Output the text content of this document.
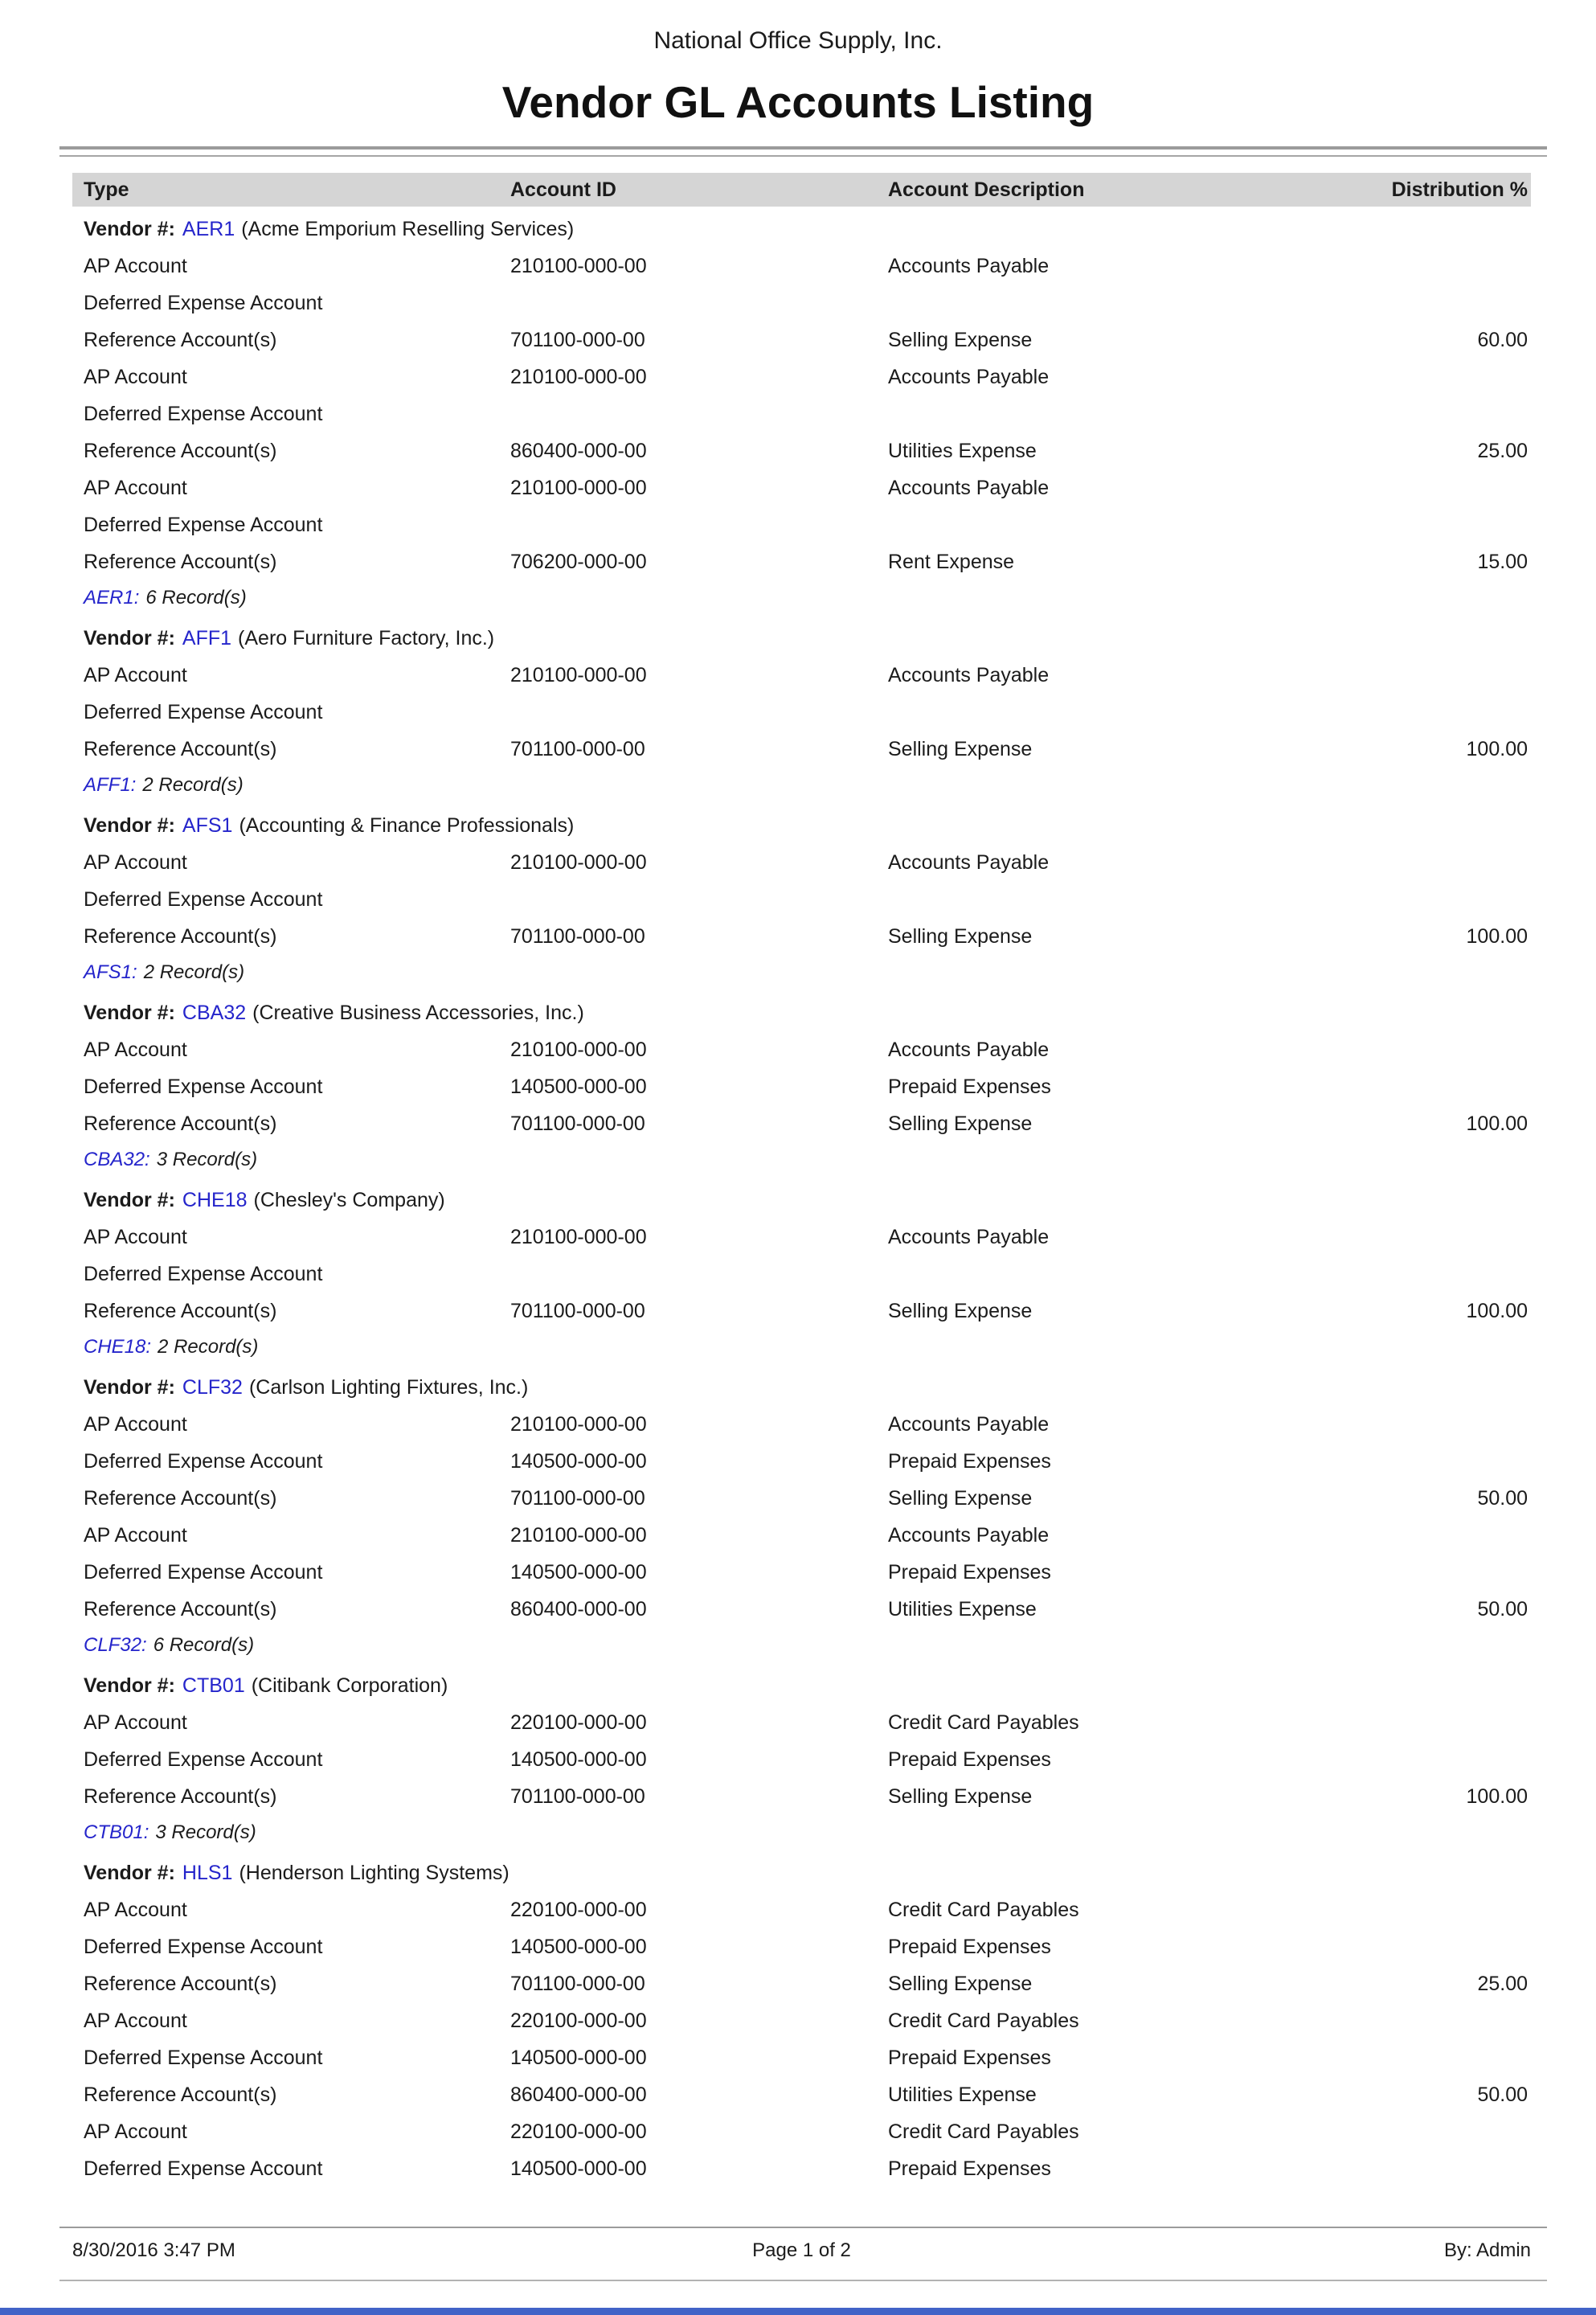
National Office Supply, Inc.
Vendor GL Accounts Listing
Type	Account ID	Account Description	Distribution %
Vendor #: AER1 (Acme Emporium Reselling Services)
AP Account	210100-000-00	Accounts Payable
Deferred Expense Account
Reference Account(s)	701100-000-00	Selling Expense	60.00
AP Account	210100-000-00	Accounts Payable
Deferred Expense Account
Reference Account(s)	860400-000-00	Utilities Expense	25.00
AP Account	210100-000-00	Accounts Payable
Deferred Expense Account
Reference Account(s)	706200-000-00	Rent Expense	15.00
AER1: 6 Record(s)
Vendor #: AFF1 (Aero Furniture Factory, Inc.)
AP Account	210100-000-00	Accounts Payable
Deferred Expense Account
Reference Account(s)	701100-000-00	Selling Expense	100.00
AFF1: 2 Record(s)
Vendor #: AFS1 (Accounting & Finance Professionals)
AP Account	210100-000-00	Accounts Payable
Deferred Expense Account
Reference Account(s)	701100-000-00	Selling Expense	100.00
AFS1: 2 Record(s)
Vendor #: CBA32 (Creative Business Accessories, Inc.)
AP Account	210100-000-00	Accounts Payable
Deferred Expense Account	140500-000-00	Prepaid Expenses
Reference Account(s)	701100-000-00	Selling Expense	100.00
CBA32: 3 Record(s)
Vendor #: CHE18 (Chesley's Company)
AP Account	210100-000-00	Accounts Payable
Deferred Expense Account
Reference Account(s)	701100-000-00	Selling Expense	100.00
CHE18: 2 Record(s)
Vendor #: CLF32 (Carlson Lighting Fixtures, Inc.)
AP Account	210100-000-00	Accounts Payable
Deferred Expense Account	140500-000-00	Prepaid Expenses
Reference Account(s)	701100-000-00	Selling Expense	50.00
AP Account	210100-000-00	Accounts Payable
Deferred Expense Account	140500-000-00	Prepaid Expenses
Reference Account(s)	860400-000-00	Utilities Expense	50.00
CLF32: 6 Record(s)
Vendor #: CTB01 (Citibank Corporation)
AP Account	220100-000-00	Credit Card Payables
Deferred Expense Account	140500-000-00	Prepaid Expenses
Reference Account(s)	701100-000-00	Selling Expense	100.00
CTB01: 3 Record(s)
Vendor #: HLS1 (Henderson Lighting Systems)
AP Account	220100-000-00	Credit Card Payables
Deferred Expense Account	140500-000-00	Prepaid Expenses
Reference Account(s)	701100-000-00	Selling Expense	25.00
AP Account	220100-000-00	Credit Card Payables
Deferred Expense Account	140500-000-00	Prepaid Expenses
Reference Account(s)	860400-000-00	Utilities Expense	50.00
AP Account	220100-000-00	Credit Card Payables
Deferred Expense Account	140500-000-00	Prepaid Expenses
8/30/2016 3:47 PM	Page 1 of 2	By: Admin
